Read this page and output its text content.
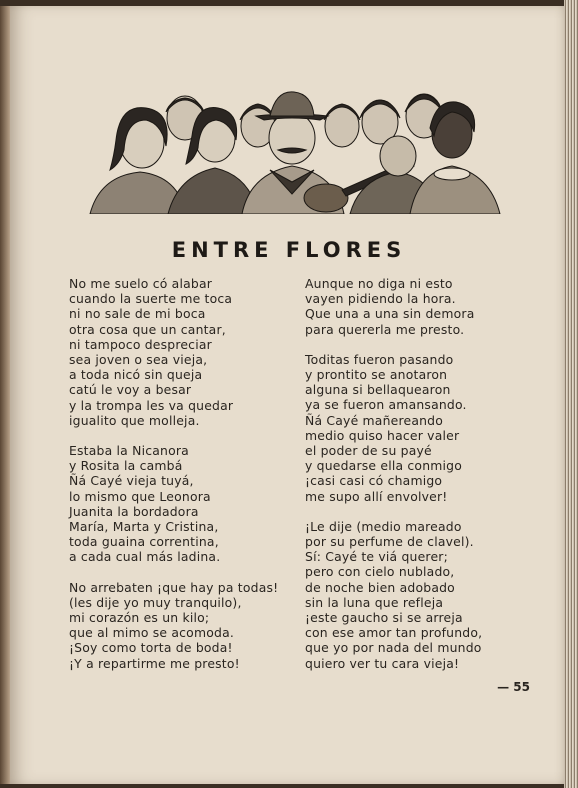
ENTRE FLORES
No me suelo có alabar
cuando la suerte me toca
ni no sale de mi boca
otra cosa que un cantar,
ni tampoco despreciar
sea joven o sea vieja,
a toda nicó sin queja
catú le voy a besar
y la trompa les va quedar
igualito que molleja.
Estaba la Nicanora
y Rosita la cambá
Ñá Cayé vieja tuyá,
lo mismo que Leonora
Juanita la bordadora
María, Marta y Cristina,
toda guaina correntina,
a cada cual más ladina.
No arrebaten ¡que hay pa todas!
(les dije yo muy tranquilo),
mi corazón es un kilo;
que al mimo se acomoda.
¡Soy como torta de boda!
¡Y a repartirme me presto!
Aunque no diga ni esto
vayen pidiendo la hora.
Que una a una sin demora
para quererla me presto.
Toditas fueron pasando
y prontito se anotaron
alguna si bellaquearon
ya se fueron amansando.
Ñá Cayé mañereando
medio quiso hacer valer
el poder de su payé
y quedarse ella conmigo
¡casi casi có chamigo
me supo allí envolver!
¡Le dije (medio mareado
por su perfume de clavel).
Sí: Cayé te viá querer;
pero con cielo nublado,
de noche bien adobado
sin la luna que refleja
¡este gaucho si se arreja
con ese amor tan profundo,
que yo por nada del mundo
quiero ver tu cara vieja!
— 55
